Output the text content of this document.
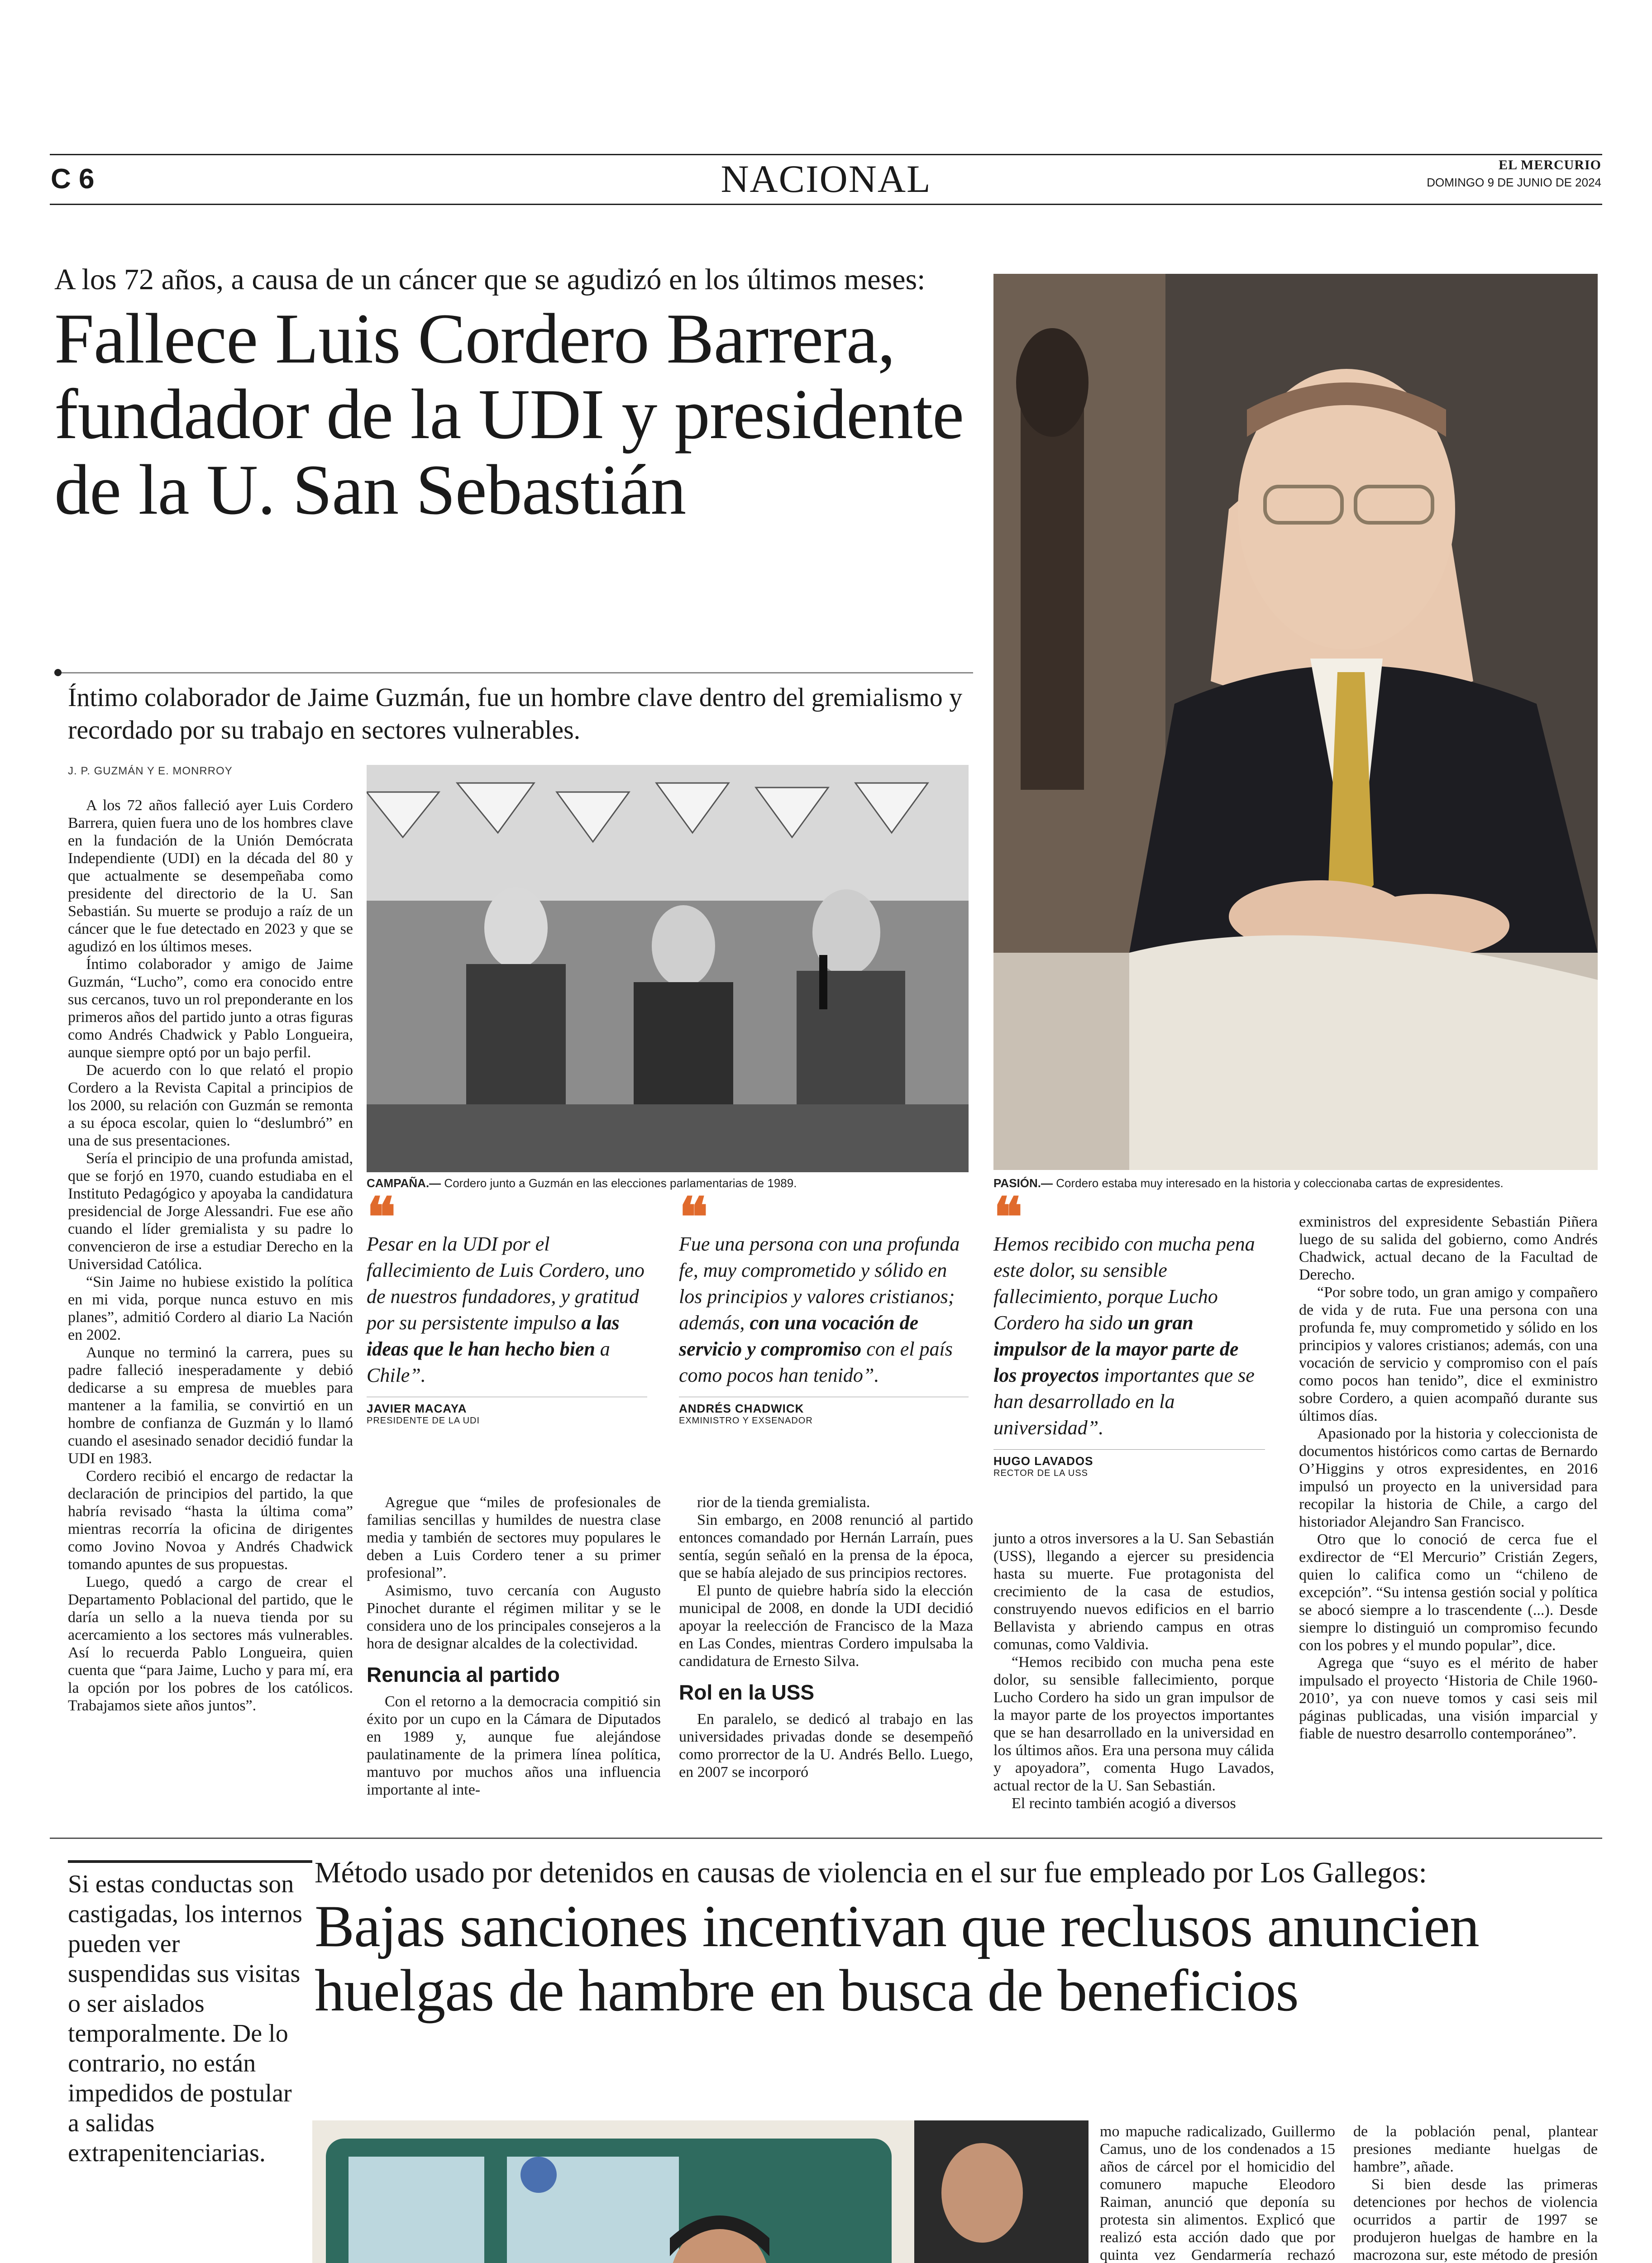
C 6	NACIONAL	EL MERCURIO
DOMINGO 9 DE JUNIO DE 2024
A los 72 años, a causa de un cáncer que se agudizó en los últimos meses:
Fallece Luis Cordero Barrera, fundador de la UDI y presidente de la U. San Sebastián
Íntimo colaborador de Jaime Guzmán, fue un hombre clave dentro del gremialismo y recordado por su trabajo en sectores vulnerables.
J. P. GUZMÁN Y E. MONRROY
PASIÓN.— Cordero estaba muy interesado en la historia y coleccionaba cartas de expresidentes.
CAMPAÑA.— Cordero junto a Guzmán en las elecciones parlamentarias de 1989.

A los 72 años falleció ayer Luis Cordero Barrera, quien fuera uno de los hombres clave en la fundación de la Unión Demócrata Independiente (UDI) en la década del 80 y que actualmente se desempeñaba como presidente del directorio de la U. San Sebastián. Su muerte se produjo a raíz de un cáncer que le fue detectado en 2023 y que se agudizó en los últimos meses.

Íntimo colaborador y amigo de Jaime Guzmán, “Lucho”, como era conocido entre sus cercanos, tuvo un rol preponderante en los primeros años del partido junto a otras figuras como Andrés Chadwick y Pablo Longueira, aunque siempre optó por un bajo perfil.

De acuerdo con lo que relató el propio Cordero a la Revista Capital a principios de los 2000, su relación con Guzmán se remonta a su época escolar, quien lo “deslumbró” en una de sus presentaciones.

Sería el principio de una profunda amistad, que se forjó en 1970, cuando estudiaba en el Instituto Pedagógico y apoyaba la candidatura presidencial de Jorge Alessandri. Fue ese año cuando el líder gremialista y su padre lo convencieron de irse a estudiar Derecho en la Universidad Católica.

“Sin Jaime no hubiese existido la política en mi vida, porque nunca estuvo en mis planes”, admitió Cordero al diario La Nación en 2002.

Aunque no terminó la carrera, pues su padre falleció inesperadamente y debió dedicarse a su empresa de muebles para mantener a la familia, se convirtió en un hombre de confianza de Guzmán y lo llamó cuando el asesinado senador decidió fundar la UDI en 1983.

Cordero recibió el encargo de redactar la declaración de principios del partido, la que habría revisado “hasta la última coma” mientras recorría la oficina de dirigentes como Jovino Novoa y Andrés Chadwick tomando apuntes de sus propuestas.

Luego, quedó a cargo de crear el Departamento Poblacional del partido, que le daría un sello a la nueva tienda por su acercamiento a los sectores más vulnerables. Así lo recuerda Pablo Longueira, quien cuenta que “para Jaime, Lucho y para mí, era la opción por los pobres de los católicos. Trabajamos siete años juntos”.

❝
Pesar en la UDI por el fallecimiento de Luis Cordero, uno de nuestros fundadores, y gratitud por su persistente impulso a las ideas que le han hecho bien a Chile”.
JAVIER MACAYA
PRESIDENTE DE LA UDI
❝
Fue una persona con una profunda fe, muy comprometido y sólido en los principios y valores cristianos; además, con una vocación de servicio y compromiso con el país como pocos han tenido”.
ANDRÉS CHADWICK
EXMINISTRO Y EXSENADOR
❝
Hemos recibido con mucha pena este dolor, su sensible fallecimiento, porque Lucho Cordero ha sido un gran impulsor de la mayor parte de los proyectos importantes que se han desarrollado en la universidad”.
HUGO LAVADOS
RECTOR DE LA USS

Agregue que “miles de profesionales de familias sencillas y humildes de nuestra clase media y también de sectores muy populares le deben a Luis Cordero tener a su primer profesional”.

Asimismo, tuvo cercanía con Augusto Pinochet durante el régimen militar y se le considera uno de los principales consejeros a la hora de designar alcaldes de la colectividad.

Renuncia al partido

Con el retorno a la democracia compitió sin éxito por un cupo en la Cámara de Diputados en 1989 y, aunque fue alejándose paulatinamente de la primera línea política, mantuvo por muchos años una influencia importante al inte-

rior de la tienda gremialista.

Sin embargo, en 2008 renunció al partido entonces comandado por Hernán Larraín, pues sentía, según señaló en la prensa de la época, que se había alejado de sus principios rectores.

El punto de quiebre habría sido la elección municipal de 2008, en donde la UDI decidió apoyar la reelección de Francisco de la Maza en Las Condes, mientras Cordero impulsaba la candidatura de Ernesto Silva.

Rol en la USS

En paralelo, se dedicó al trabajo en las universidades privadas donde se desempeñó como prorrector de la U. Andrés Bello. Luego, en 2007 se incorporó

junto a otros inversores a la U. San Sebastián (USS), llegando a ejercer su presidencia hasta su muerte. Fue protagonista del crecimiento de la casa de estudios, construyendo nuevos edificios en el barrio Bellavista y abriendo campus en otras comunas, como Valdivia.

“Hemos recibido con mucha pena este dolor, su sensible fallecimiento, porque Lucho Cordero ha sido un gran impulsor de la mayor parte de los proyectos importantes que se han desarrollado en la universidad en los últimos años. Era una persona muy cálida y apoyadora”, comenta Hugo Lavados, actual rector de la U. San Sebastián.

El recinto también acogió a diversos

exministros del expresidente Sebastián Piñera luego de su salida del gobierno, como Andrés Chadwick, actual decano de la Facultad de Derecho.

“Por sobre todo, un gran amigo y compañero de vida y de ruta. Fue una persona con una profunda fe, muy comprometido y sólido en los principios y valores cristianos; además, con una vocación de servicio y compromiso con el país como pocos han tenido”, dice el exministro sobre Cordero, a quien acompañó durante sus últimos días.

Apasionado por la historia y coleccionista de documentos históricos como cartas de Bernardo O’Higgins y otros expresidentes, en 2016 impulsó un proyecto en la universidad para recopilar la historia de Chile, a cargo del historiador Alejandro San Francisco.

Otro que lo conoció de cerca fue el exdirector de “El Mercurio” Cristián Zegers, quien lo califica como un “chileno de excepción”. “Su intensa gestión social y política se abocó siempre a lo trascendente (...). Desde siempre lo distinguió un compromiso fecundo con los pobres y el mundo popular”, dice.

Agrega que “suyo es el mérito de haber impulsado el proyecto ‘Historia de Chile 1960-2010’, ya con nueve tomos y casi seis mil páginas publicadas, una visión imparcial y fiable de nuestro desarrollo contemporáneo”.

Si estas conductas son castigadas, los internos pueden ver suspendidas sus visitas o ser aislados temporalmente. De lo contrario, no están impedidos de postular a salidas extrapenitenciarias.
Método usado por detenidos en causas de violencia en el sur fue empleado por Los Gallegos:
Bajas sanciones incentivan que reclusos anuncien huelgas de hambre en busca de beneficios

mo mapuche radicalizado, Guillermo Camus, uno de los condenados a 15 años de cárcel por el homicidio del comunero mapuche Eleodoro Raiman, anunció que deponía su protesta sin alimentos. Explicó que realizó esta acción dado que por quinta vez Gendarmería rechazó

de la población penal, plantear presiones mediante huelgas de hambre”, añade.

Si bien desde las primeras detenciones por hechos de violencia ocurridos a partir de 1997 se produjeron huelgas de hambre en la macrozona sur, este método de presión
